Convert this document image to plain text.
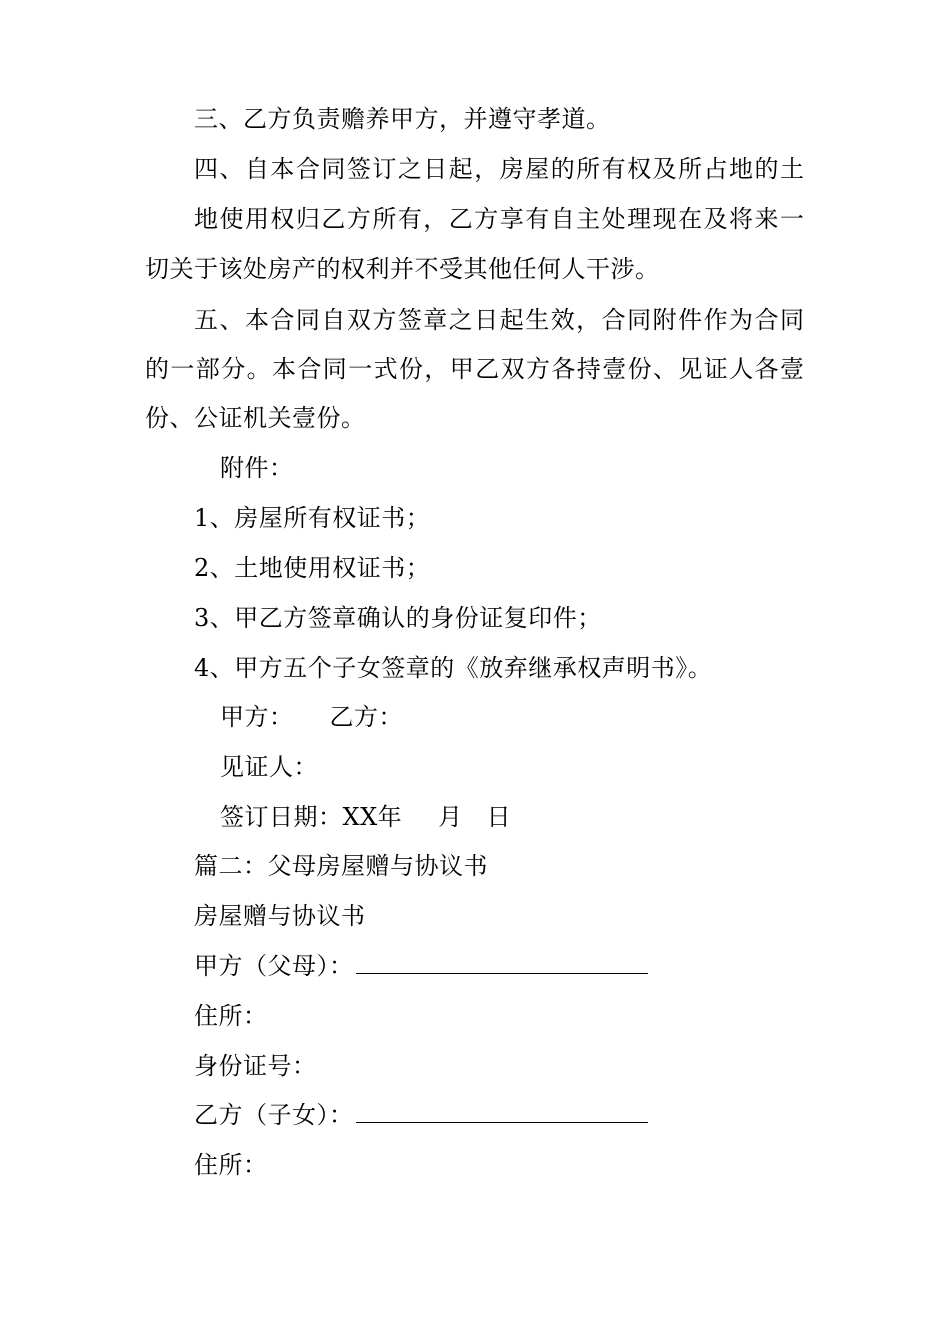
三、乙方负责赡养甲方，并遵守孝道。
四、自本合同签订之日起，房屋的所有权及所占地的土
地使用权归乙方所有，乙方享有自主处理现在及将来一
切关于该处房产的权利并不受其他任何人干涉。
五、本合同自双方签章之日起生效，合同附件作为合同
的一部分。本合同一式份，甲乙双方各持壹份、见证人各壹
份、公证机关壹份。
附件：
1、房屋所有权证书；
2、土地使用权证书；
3、甲乙方签章确认的身份证复印件；
4、甲方五个子女签章的《放弃继承权声明书》。
甲方： 乙方：
见证人：
签订日期：XX年 月 日
篇二：父母房屋赠与协议书
房屋赠与协议书
甲方（父母）：
住所：
身份证号：
乙方（子女）：
住所：
